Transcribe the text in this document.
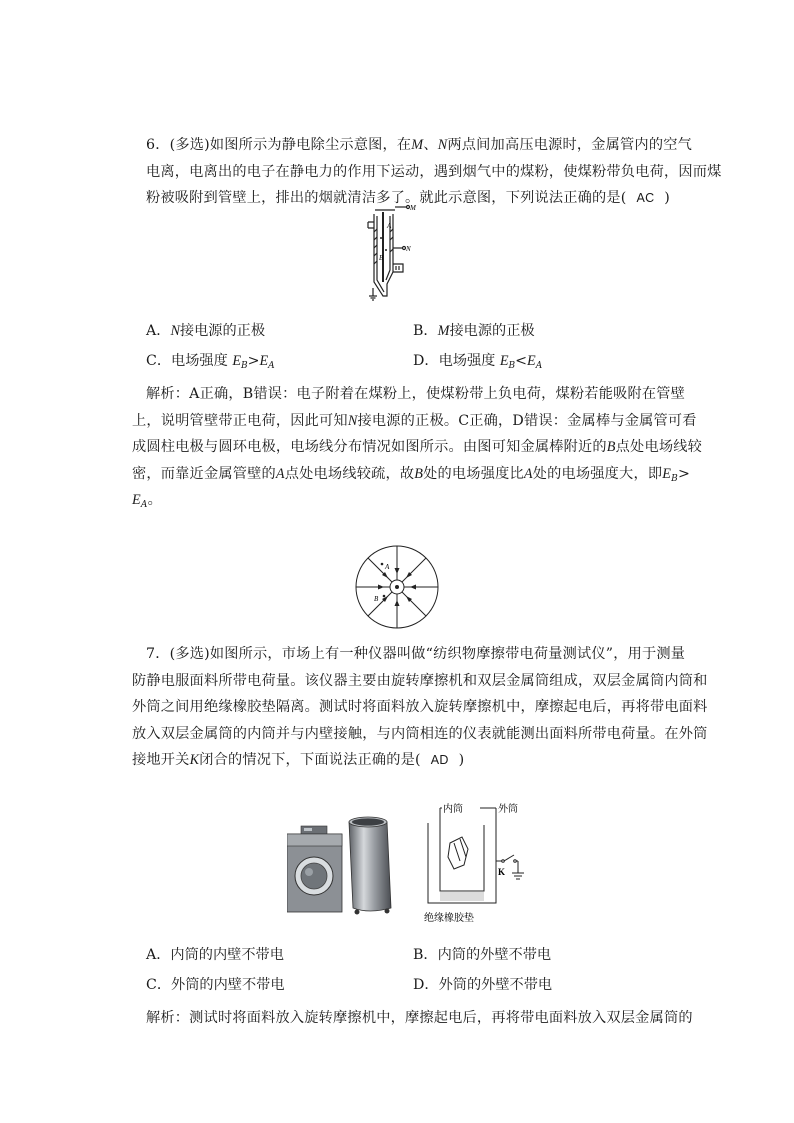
6．(多选)如图所示为静电除尘示意图，在M、N两点间加高压电源时，金属管内的空气
电离，电离出的电子在静电力的作用下运动，遇到烟气中的煤粉，使煤粉带负电荷，因而煤
粉被吸附到管壁上，排出的烟就清洁多了。就此示意图，下列说法正确的是( AC )
M
A
N
B
A．N接电源的正极	B．M接电源的正极
C．电场强度 $E_B>E_A$	D．电场强度 $E_B<E_A$
解析：A正确，B错误：电子附着在煤粉上，使煤粉带上负电荷，煤粉若能吸附在管壁
上，说明管壁带正电荷，因此可知N接电源的正极。C正确，D错误：金属棒与金属管可看
成圆柱电极与圆环电极，电场线分布情况如图所示。由图可知金属棒附近的B点处电场线较
密，而靠近金属管壁的A点处电场线较疏，故B处的电场强度比A处的电场强度大，即$E_B>$
$E_A$。
A
B
7．(多选)如图所示，市场上有一种仪器叫做“纺织物摩擦带电荷量测试仪”，用于测量
防静电服面料所带电荷量。该仪器主要由旋转摩擦机和双层金属筒组成，双层金属筒内筒和
外筒之间用绝缘橡胶垫隔离。测试时将面料放入旋转摩擦机中，摩擦起电后，再将带电面料
放入双层金属筒的内筒并与内壁接触，与内筒相连的仪表就能测出面料所带电荷量。在外筒
接地开关K闭合的情况下，下面说法正确的是( AD )
内筒	外筒
K
绝缘橡胶垫
A．内筒的内壁不带电	B．内筒的外壁不带电
C．外筒的内壁不带电	D．外筒的外壁不带电
解析：测试时将面料放入旋转摩擦机中，摩擦起电后，再将带电面料放入双层金属筒的
